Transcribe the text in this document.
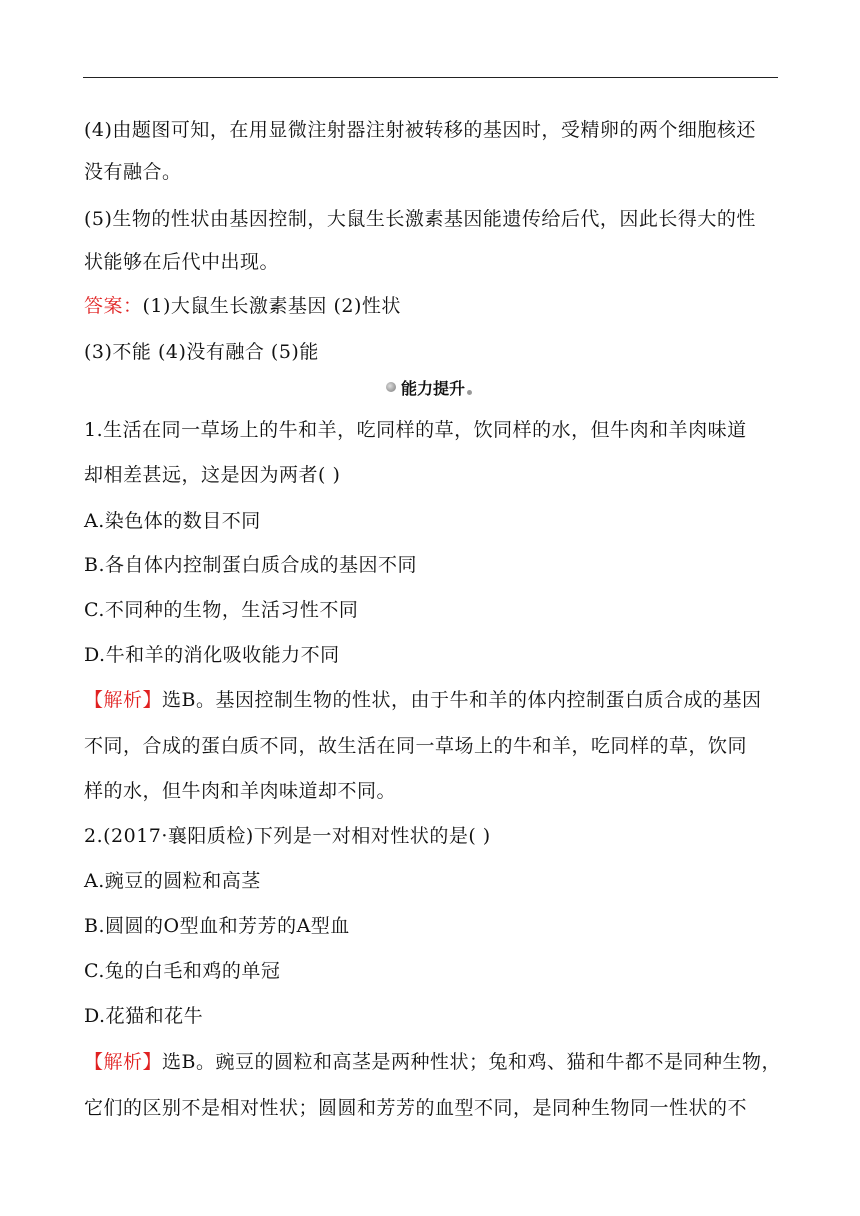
(4)由题图可知，在用显微注射器注射被转移的基因时，受精卵的两个细胞核还
没有融合。
(5)生物的性状由基因控制，大鼠生长激素基因能遗传给后代，因此长得大的性
状能够在后代中出现。
答案：(1)大鼠生长激素基因 (2)性状
(3)不能 (4)没有融合 (5)能
能力提升
1.生活在同一草场上的牛和羊，吃同样的草，饮同样的水，但牛肉和羊肉味道
却相差甚远，这是因为两者( )
A.染色体的数目不同
B.各自体内控制蛋白质合成的基因不同
C.不同种的生物，生活习性不同
D.牛和羊的消化吸收能力不同
【解析】选B。基因控制生物的性状，由于牛和羊的体内控制蛋白质合成的基因
不同，合成的蛋白质不同，故生活在同一草场上的牛和羊，吃同样的草，饮同
样的水，但牛肉和羊肉味道却不同。
2.(2017·襄阳质检)下列是一对相对性状的是( )
A.豌豆的圆粒和高茎
B.圆圆的O型血和芳芳的A型血
C.兔的白毛和鸡的单冠
D.花猫和花牛
【解析】选B。豌豆的圆粒和高茎是两种性状；兔和鸡、猫和牛都不是同种生物，
它们的区别不是相对性状；圆圆和芳芳的血型不同，是同种生物同一性状的不
